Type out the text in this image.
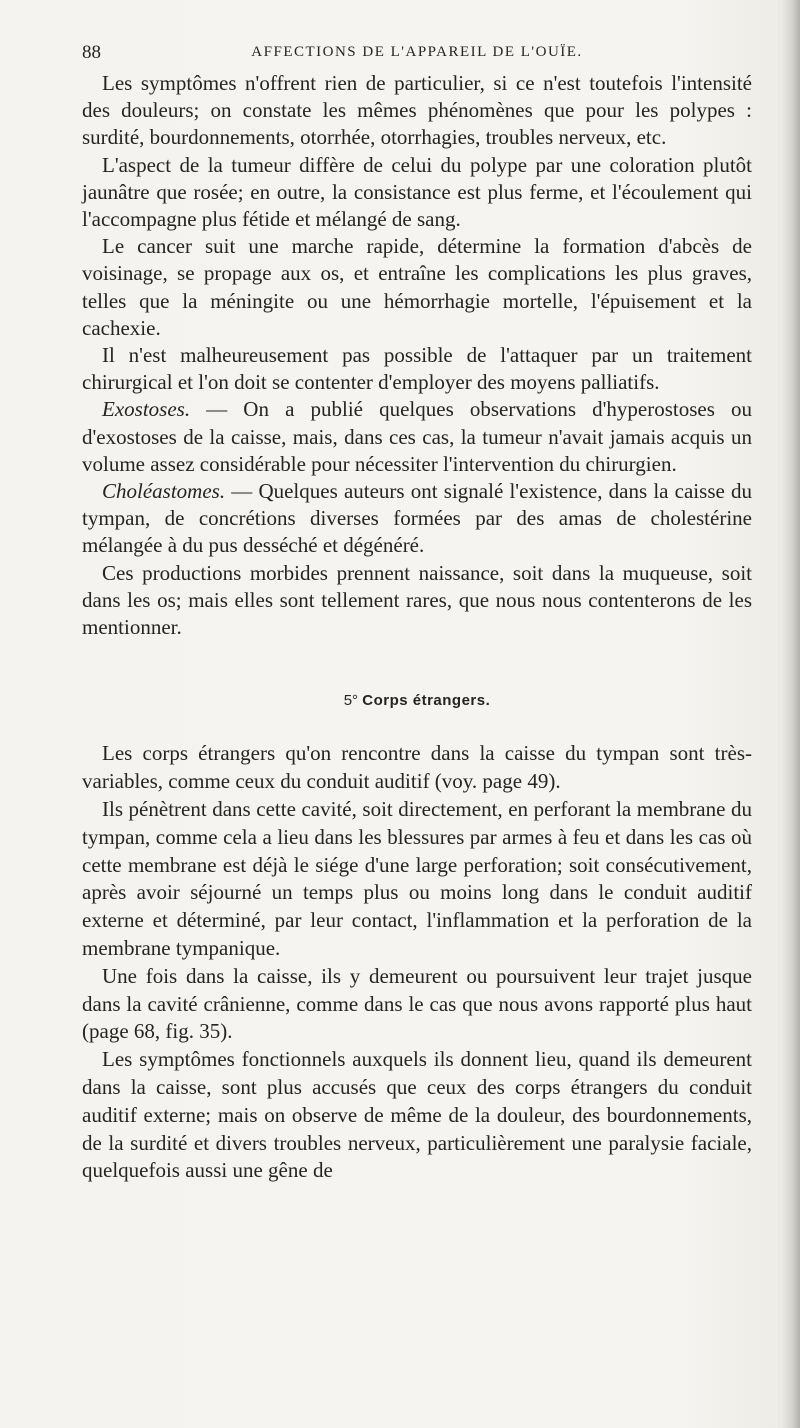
88	AFFECTIONS DE L'APPAREIL DE L'OUÏE.

Les symptômes n'offrent rien de particulier, si ce n'est toutefois l'intensité des douleurs; on constate les mêmes phénomènes que pour les polypes : surdité, bourdonnements, otorrhée, otorrhagies, troubles nerveux, etc.

L'aspect de la tumeur diffère de celui du polype par une coloration plutôt jaunâtre que rosée; en outre, la consistance est plus ferme, et l'écoulement qui l'accompagne plus fétide et mélangé de sang.

Le cancer suit une marche rapide, détermine la formation d'abcès de voisinage, se propage aux os, et entraîne les complications les plus graves, telles que la méningite ou une hémorrhagie mortelle, l'épuisement et la cachexie.

Il n'est malheureusement pas possible de l'attaquer par un traitement chirurgical et l'on doit se contenter d'employer des moyens palliatifs.

Exostoses. — On a publié quelques observations d'hyperostoses ou d'exostoses de la caisse, mais, dans ces cas, la tumeur n'avait jamais acquis un volume assez considérable pour nécessiter l'intervention du chirurgien.

Choléastomes. — Quelques auteurs ont signalé l'existence, dans la caisse du tympan, de concrétions diverses formées par des amas de cholestérine mélangée à du pus desséché et dégénéré.

Ces productions morbides prennent naissance, soit dans la muqueuse, soit dans les os; mais elles sont tellement rares, que nous nous contenterons de les mentionner.

5° Corps étrangers.

Les corps étrangers qu'on rencontre dans la caisse du tympan sont très-variables, comme ceux du conduit auditif (voy. page 49).

Ils pénètrent dans cette cavité, soit directement, en perforant la membrane du tympan, comme cela a lieu dans les blessures par armes à feu et dans les cas où cette membrane est déjà le siége d'une large perforation; soit consécutivement, après avoir séjourné un temps plus ou moins long dans le conduit auditif externe et déterminé, par leur contact, l'inflammation et la perforation de la membrane tympanique.

Une fois dans la caisse, ils y demeurent ou poursuivent leur trajet jusque dans la cavité crânienne, comme dans le cas que nous avons rapporté plus haut (page 68, fig. 35).

Les symptômes fonctionnels auxquels ils donnent lieu, quand ils demeurent dans la caisse, sont plus accusés que ceux des corps étrangers du conduit auditif externe; mais on observe de même de la douleur, des bourdonnements, de la surdité et divers troubles nerveux, particulièrement une paralysie faciale, quelquefois aussi une gêne de
